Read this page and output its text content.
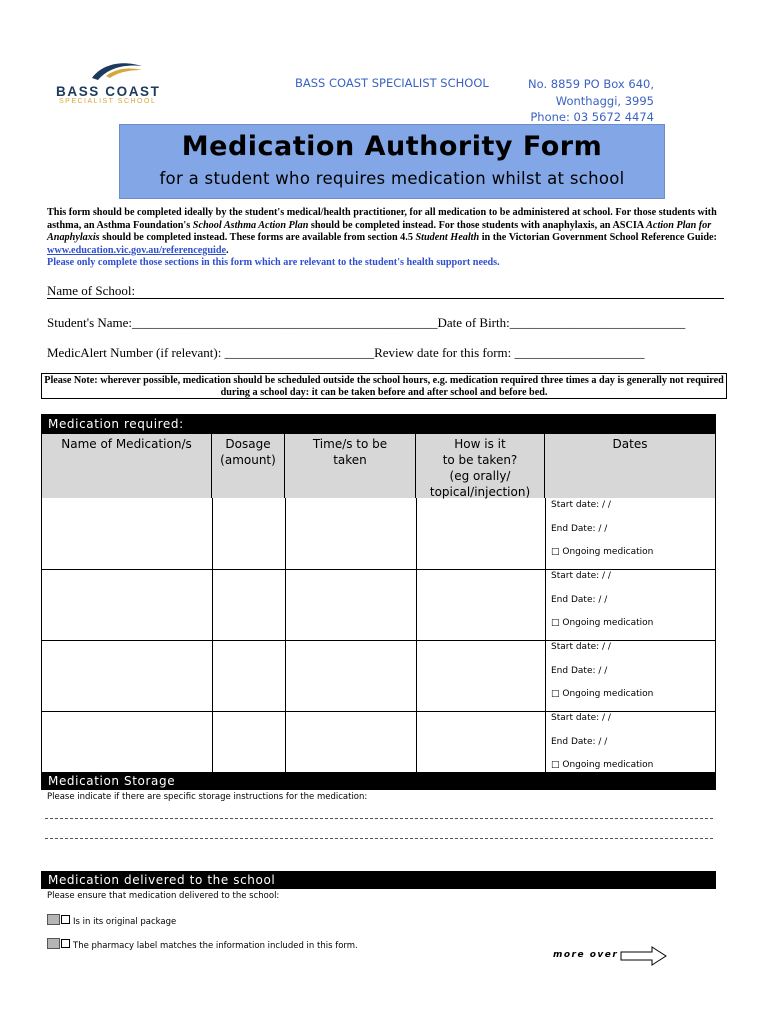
BASS COAST
SPECIALIST SCHOOL
BASS COAST SPECIALIST SCHOOL	No. 8859 PO Box 640,
Wonthaggi, 3995
Phone: 03 5672 4474
Medication Authority Form
for a student who requires medication whilst at school
This form should be completed ideally by the student's medical/health practitioner, for all medication to be administered at school. For those students with asthma, an Asthma Foundation's School Asthma Action Plan should be completed instead. For those students with anaphylaxis, an ASCIA Action Plan for Anaphylaxis should be completed instead. These forms are available from section 4.5 Student Health in the Victorian Government School Reference Guide: www.education.vic.gov.au/referenceguide.
Please only complete those sections in this form which are relevant to the student's health support needs.
Name of School:
Student's Name:_______________________________________________Date of Birth:___________________________
MedicAlert Number (if relevant): _______________________Review date for this form: ____________________
Please Note: wherever possible, medication should be scheduled outside the school hours, e.g. medication required three times a day is generally not required during a school day: it can be taken before and after school and before bed.
Medication required:
Name of Medication/s	Dosage
(amount)
Time/s to be
taken
How is it
to be taken?
(eg orally/
topical/injection)
Dates
Start date: / /
End Date: / /
□ Ongoing medication
Start date: / /
End Date: / /
□ Ongoing medication
Start date: / /
End Date: / /
□ Ongoing medication
Start date: / /
End Date: / /
□ Ongoing medication
Medication Storage
Please indicate if there are specific storage instructions for the medication:
Medication delivered to the school
Please ensure that medication delivered to the school:
Is in its original package
The pharmacy label matches the information included in this form.
more over
